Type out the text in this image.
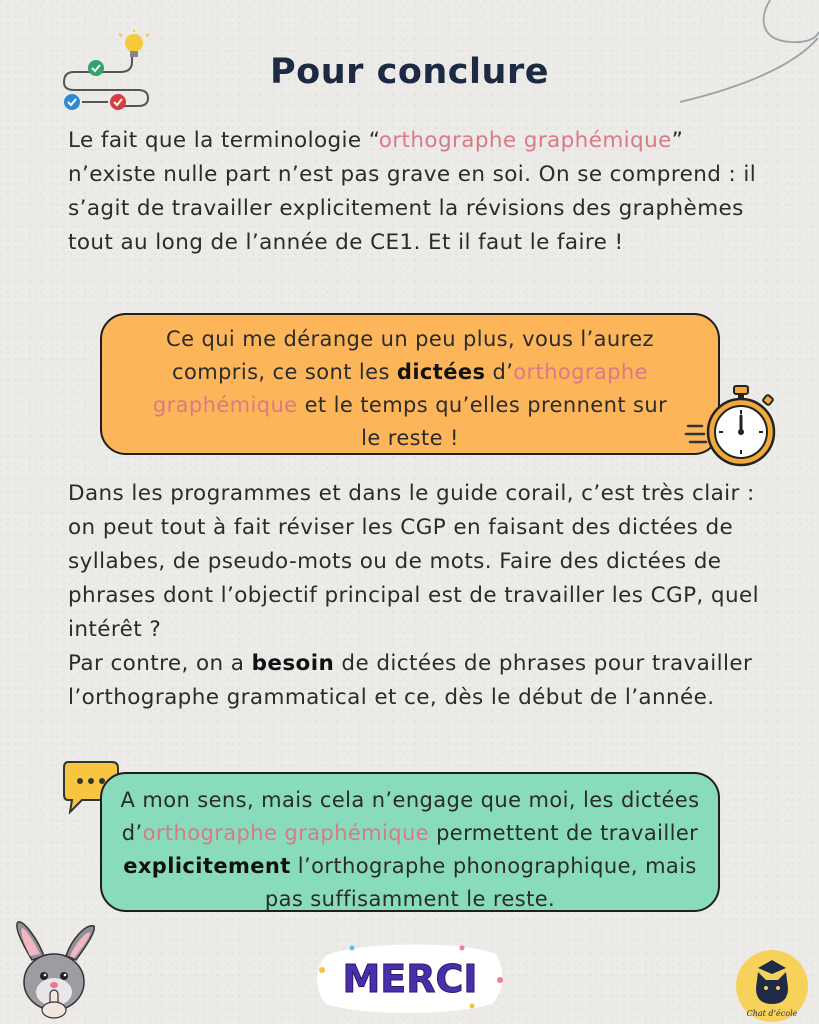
Pour conclure

Le fait que la terminologie “orthographe graphémique” n’existe nulle part n’est pas grave en soi. On se comprend : il s’agit de travailler explicitement la révisions des graphèmes tout au long de l’année de CE1. Et il faut le faire !

Ce qui me dérange un peu plus, vous l’aurez compris, ce sont les dictées d’orthographe graphémique et le temps qu’elles prennent sur le reste !

Dans les programmes et dans le guide corail, c’est très clair : on peut tout à fait réviser les CGP en faisant des dictées de syllabes, de pseudo-mots ou de mots. Faire des dictées de phrases dont l’objectif principal est de travailler les CGP, quel intérêt ?

Par contre, on a besoin de dictées de phrases pour travailler l’orthographe grammatical et ce, dès le début de l’année.

A mon sens, mais cela n’engage que moi, les dictées d’orthographe graphémique permettent de travailler explicitement l’orthographe phonographique, mais pas suffisamment le reste.
MERCI
Chat d’école
